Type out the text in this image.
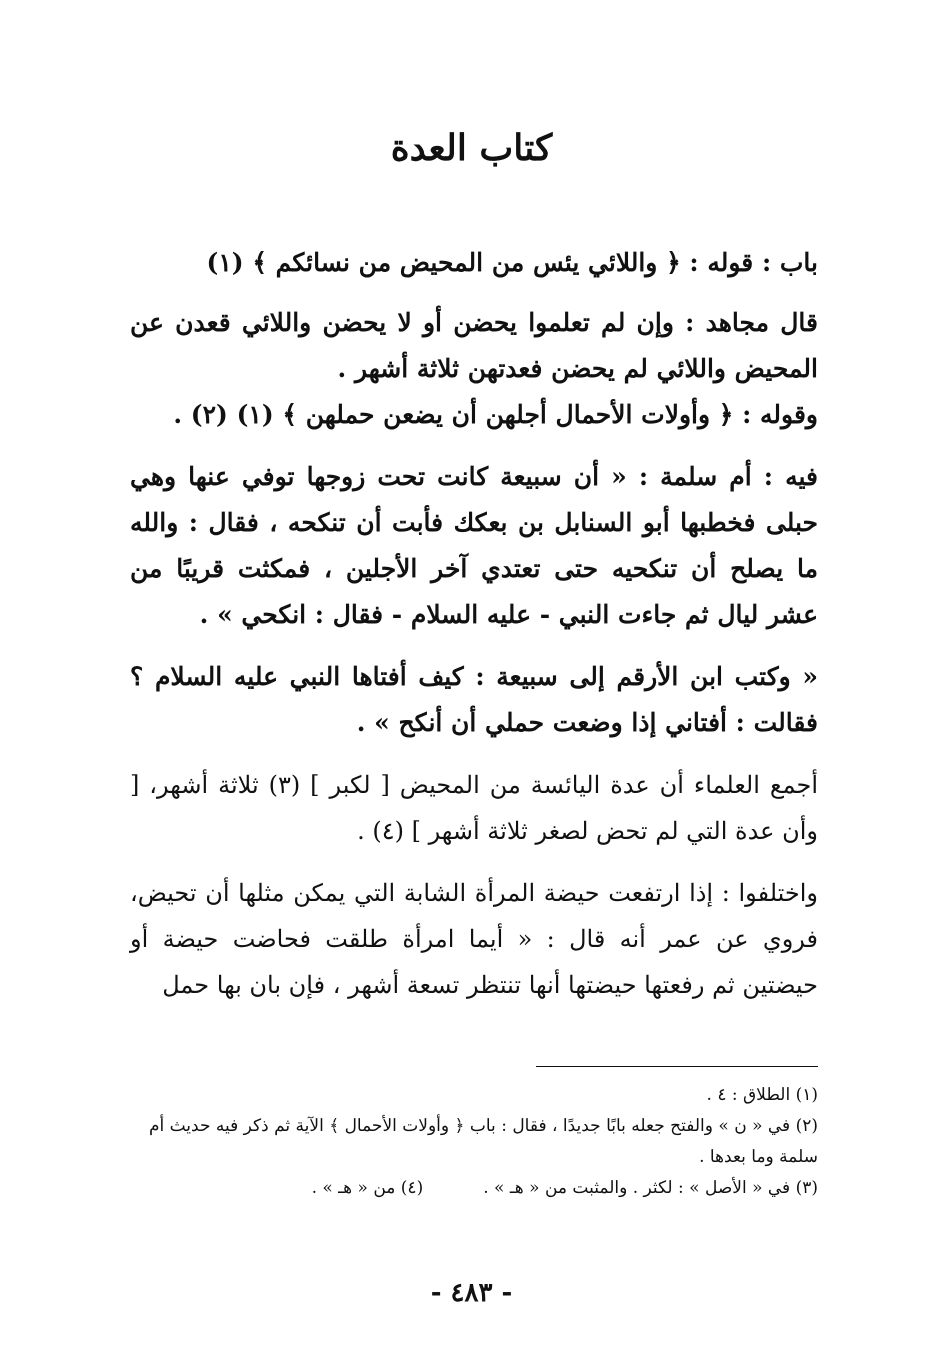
كتاب العدة

باب : قوله : ﴿ واللائي يئس من المحيض من نسائكم ﴾ (١)

قال مجاهد : وإن لم تعلموا يحضن أو لا يحضن واللائي قعدن عن المحيض واللائي لم يحضن فعدتهن ثلاثة أشهر .

وقوله : ﴿ وأولات الأحمال أجلهن أن يضعن حملهن ﴾ (١) (٢) .

فيه : أم سلمة : « أن سبيعة كانت تحت زوجها توفي عنها وهي حبلى فخطبها أبو السنابل بن بعكك فأبت أن تنكحه ، فقال : والله ما يصلح أن تنكحيه حتى تعتدي آخر الأجلين ، فمكثت قريبًا من عشر ليال ثم جاءت النبي - عليه السلام - فقال : انكحي » .

« وكتب ابن الأرقم إلى سبيعة : كيف أفتاها النبي عليه السلام ؟ فقالت : أفتاني إذا وضعت حملي أن أنكح » .

أجمع العلماء أن عدة اليائسة من المحيض [ لكبر ] (٣) ثلاثة أشهر، [ وأن عدة التي لم تحض لصغر ثلاثة أشهر ] (٤) .

واختلفوا : إذا ارتفعت حيضة المرأة الشابة التي يمكن مثلها أن تحيض، فروي عن عمر أنه قال : « أيما امرأة طلقت فحاضت حيضة أو حيضتين ثم رفعتها حيضتها أنها تنتظر تسعة أشهر ، فإن بان بها حمل

(١) الطلاق : ٤ .

(٢) في « ن » والفتح جعله بابًا جديدًا ، فقال : باب ﴿ وأولات الأحمال ﴾ الآية ثم ذكر فيه حديث أم سلمة وما بعدها .

(٣) في « الأصل » : لكثر . والمثبت من « هـ » .(٤) من « هـ » .

- ٤٨٣ -
